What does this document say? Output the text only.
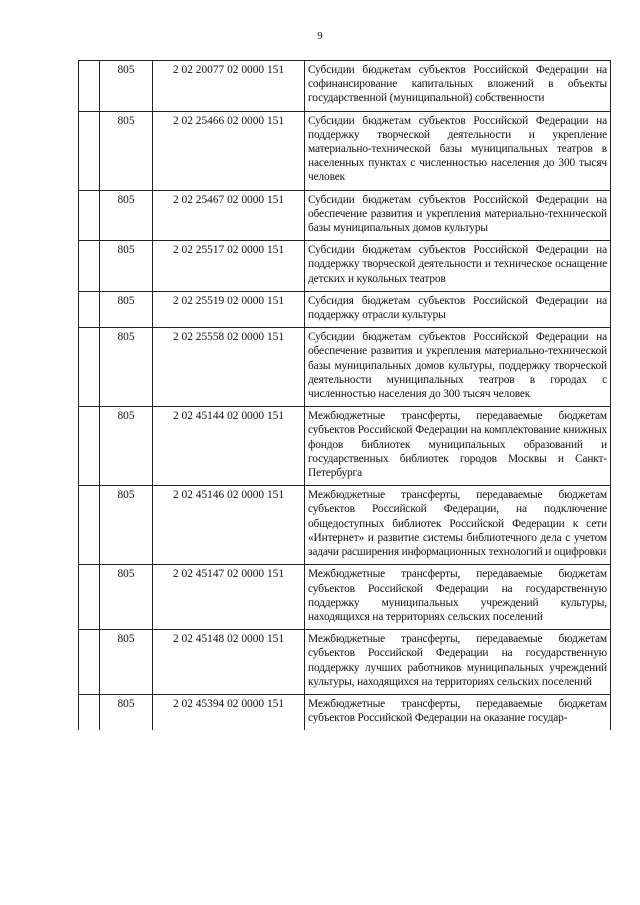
9
	805	2 02 20077 02 0000 151	Субсидии бюджетам субъектов Российской Федерации на софинансирование капитальных вложений в объекты государственной (муниципальной) собственности
	805	2 02 25466 02 0000 151	Субсидии бюджетам субъектов Российской Федерации на поддержку творческой деятельности и укрепление материально-технической базы муниципальных театров в населенных пунктах с численностью населения до 300 тысяч человек
	805	2 02 25467 02 0000 151	Субсидии бюджетам субъектов Российской Федерации на обеспечение развития и укрепления материально-технической базы муниципальных домов культуры
	805	2 02 25517 02 0000 151	Субсидии бюджетам субъектов Российской Федерации на поддержку творческой деятельности и техническое оснащение детских и кукольных театров
	805	2 02 25519 02 0000 151	Субсидия бюджетам субъектов Российской Федерации на поддержку отрасли культуры
	805	2 02 25558 02 0000 151	Субсидии бюджетам субъектов Российской Федерации на обеспечение развития и укрепления материально-технической базы муниципальных домов культуры, поддержку творческой деятельности муниципальных театров в городах с численностью населения до 300 тысяч человек
	805	2 02 45144 02 0000 151	Межбюджетные трансферты, передаваемые бюджетам субъектов Российской Федерации на комплектование книжных фондов библиотек муниципальных образований и государственных библиотек городов Москвы и Санкт-Петербурга
	805	2 02 45146 02 0000 151	Межбюджетные трансферты, передаваемые бюджетам субъектов Российской Федерации, на подключение общедоступных библиотек Российской Федерации к сети «Интернет» и развитие системы библиотечного дела с учетом задачи расширения информационных технологий и оцифровки
	805	2 02 45147 02 0000 151	Межбюджетные трансферты, передаваемые бюджетам субъектов Российской Федерации на государственную поддержку муниципальных учреждений культуры, находящихся на территориях сельских поселений
	805	2 02 45148 02 0000 151	Межбюджетные трансферты, передаваемые бюджетам субъектов Российской Федерации на государственную поддержку лучших работников муниципальных учреждений культуры, находящихся на территориях сельских поселений
	805	2 02 45394 02 0000 151	Межбюджетные трансферты, передаваемые бюджетам субъектов Российской Федерации на оказание государ-
